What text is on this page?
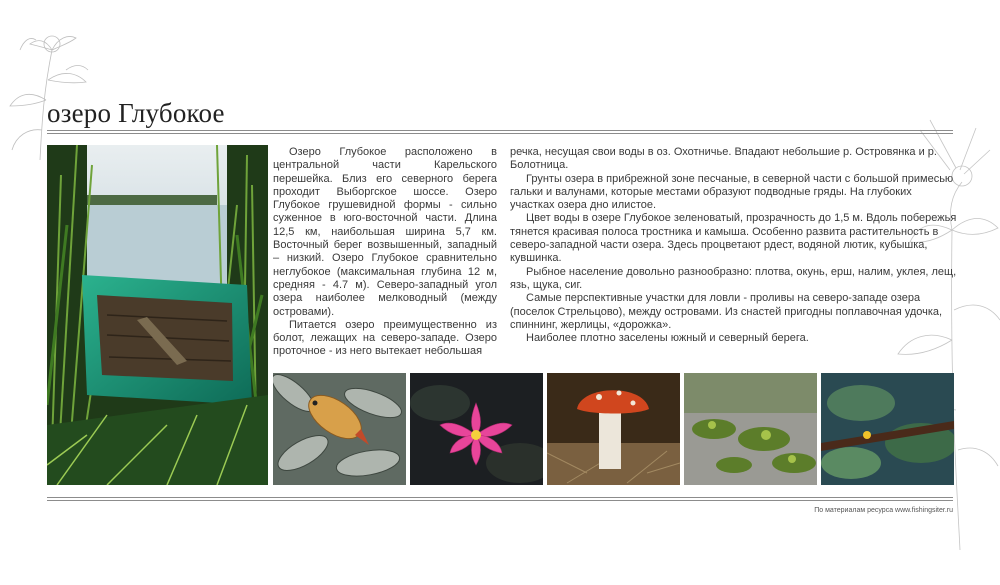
озеро Глубокое

Озеро Глубокое расположено в центральной части Карельского перешейка. Близ его северного берега проходит Выборгское шоссе. Озеро Глубокое грушевидной формы - сильно суженное в юго-восточной части. Длина 12,5 км, наибольшая ширина 5,7 км. Восточный берег возвышенный, западный – низкий. Озеро Глубокое сравнительно неглубокое (максимальная глубина 12 м, средняя - 4.7 м). Северо-западный угол озера наиболее мелководный (между островами).

Питается озеро преимущественно из болот, лежащих на северо-западе. Озеро проточное - из него вытекает небольшая

речка, несущая свои воды в оз. Охотничье. Впадают небольшие р. Островянка и р. Болотница.

Грунты озера в прибрежной зоне песчаные, в северной части с большой примесью гальки и валунами, которые местами образуют подводные гряды. На глубоких участках озера дно илистое.

Цвет воды в озере Глубокое зеленоватый, прозрачность до 1,5 м. Вдоль побережья тянется красивая полоса тростника и камыша. Особенно развита растительность в северо-западной части озера. Здесь процветают рдест, водяной лютик, кубышка, кувшинка.

Рыбное население довольно разнообразно: плотва, окунь, ерш, налим, уклея, лещ, язь, щука, сиг.

Самые перспективные участки для ловли - проливы на северо-западе озера (поселок Стрельцово), между островами. Из снастей пригодны поплавочная удочка, спиннинг, жерлицы, «дорожка».

Наиболее плотно заселены южный и северный берега.

По материалам ресурса www.fishingsiter.ru
